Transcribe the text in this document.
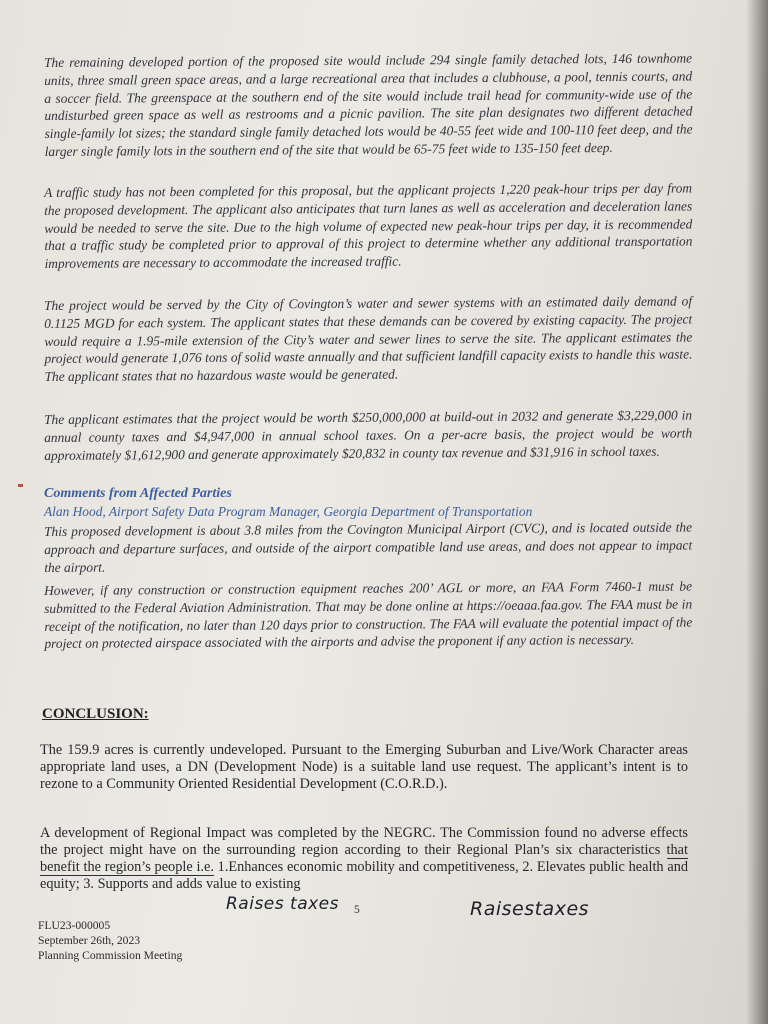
The remaining developed portion of the proposed site would include 294 single family detached lots, 146 townhome units, three small green space areas, and a large recreational area that includes a clubhouse, a pool, tennis courts, and a soccer field. The greenspace at the southern end of the site would include trail head for community-wide use of the undisturbed green space as well as restrooms and a picnic pavilion. The site plan designates two different detached single-family lot sizes; the standard single family detached lots would be 40-55 feet wide and 100-110 feet deep, and the larger single family lots in the southern end of the site that would be 65-75 feet wide to 135-150 feet deep.
A traffic study has not been completed for this proposal, but the applicant projects 1,220 peak-hour trips per day from the proposed development. The applicant also anticipates that turn lanes as well as acceleration and deceleration lanes would be needed to serve the site. Due to the high volume of expected new peak-hour trips per day, it is recommended that a traffic study be completed prior to approval of this project to determine whether any additional transportation improvements are necessary to accommodate the increased traffic.
The project would be served by the City of Covington’s water and sewer systems with an estimated daily demand of 0.1125 MGD for each system. The applicant states that these demands can be covered by existing capacity. The project would require a 1.95-mile extension of the City’s water and sewer lines to serve the site. The applicant estimates the project would generate 1,076 tons of solid waste annually and that sufficient landfill capacity exists to handle this waste. The applicant states that no hazardous waste would be generated.
The applicant estimates that the project would be worth $250,000,000 at build-out in 2032 and generate $3,229,000 in annual county taxes and $4,947,000 in annual school taxes. On a per-acre basis, the project would be worth approximately $1,612,900 and generate approximately $20,832 in county tax revenue and $31,916 in school taxes.
Comments from Affected Parties
Alan Hood, Airport Safety Data Program Manager, Georgia Department of Transportation
This proposed development is about 3.8 miles from the Covington Municipal Airport (CVC), and is located outside the approach and departure surfaces, and outside of the airport compatible land use areas, and does not appear to impact the airport.
However, if any construction or construction equipment reaches 200’ AGL or more, an FAA Form 7460-1 must be submitted to the Federal Aviation Administration. That may be done online at https://oeaaa.faa.gov. The FAA must be in receipt of the notification, no later than 120 days prior to construction. The FAA will evaluate the potential impact of the project on protected airspace associated with the airports and advise the proponent if any action is necessary.
CONCLUSION:
The 159.9 acres is currently undeveloped. Pursuant to the Emerging Suburban and Live/Work Character areas appropriate land uses, a DN (Development Node) is a suitable land use request. The applicant’s intent is to rezone to a Community Oriented Residential Development (C.O.R.D.).
A development of Regional Impact was completed by the NEGRC. The Commission found no adverse effects the project might have on the surrounding region according to their Regional Plan’s six characteristics that benefit the region’s people i.e. 1.Enhances economic mobility and competitiveness, 2. Elevates public health and equity; 3. Supports and adds value to existing
Raises taxes 5	Raisestaxes
FLU23-000005
September 26th, 2023
Planning Commission Meeting
